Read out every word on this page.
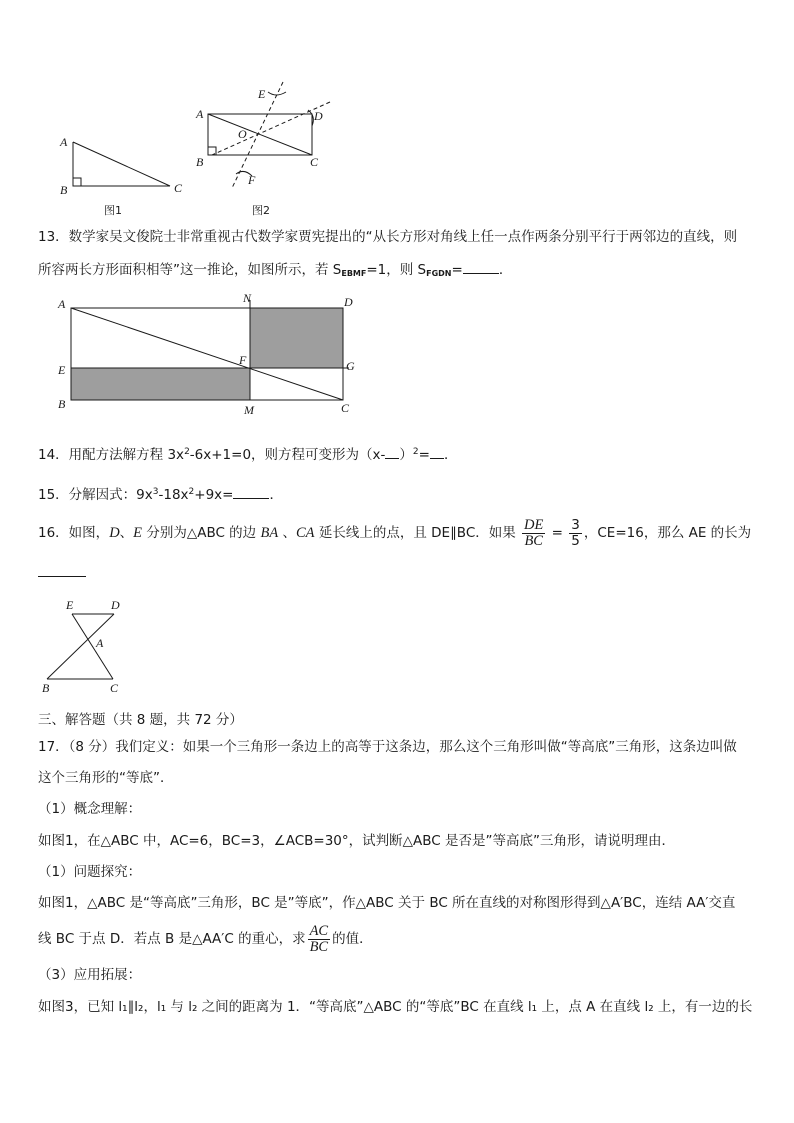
A
B	C
图1
A
B	C
D
E
F
O
图2
13．数学家吴文俊院士非常重视古代数学家贾宪提出的“从长方形对角线上任一点作两条分别平行于两邻边的直线，则
所容两长方形面积相等”这一推论，如图所示，若 $S_{EBMF}=1$，则 $S_{FGDN}=$	．
A	N	D
E
F	G
B	M	C
14．用配方法解方程 $3x^2-6x+1=0$，则方程可变形为（x- ）$^2$= ．
15．分解因式：$9x^3-18x^2+9x=$	．
16．如图，D、E 分别为△ABC 的边 BA 、CA 延长线上的点，且 DE∥BC．如果 $\frac{DE}{BC} = \frac{3}{5}$ ，CE=16，那么 AE 的长为
E	D
A
B	C
三、解答题（共 8 题，共 72 分）
17．（8 分）我们定义：如果一个三角形一条边上的高等于这条边，那么这个三角形叫做“等高底”三角形，这条边叫做
这个三角形的“等底”．
（1）概念理解：
如图1，在△ABC 中，AC=6，BC=3，∠ACB=30°，试判断△ABC 是否是”等高底”三角形，请说明理由．
（1）问题探究：
如图1，△ABC 是“等高底”三角形，BC 是”等底”，作△ABC 关于 BC 所在直线的对称图形得到△A′BC，连结 AA′交直
线 BC 于点 D．若点 B 是△AA′C 的重心，求 $\frac{AC}{BC}$ 的值．
（3）应用拓展：
如图3，已知 l₁∥l₂，l₁ 与 l₂ 之间的距离为 1．“等高底”△ABC 的“等底”BC 在直线 l₁ 上，点 A 在直线 l₂ 上，有一边的长
